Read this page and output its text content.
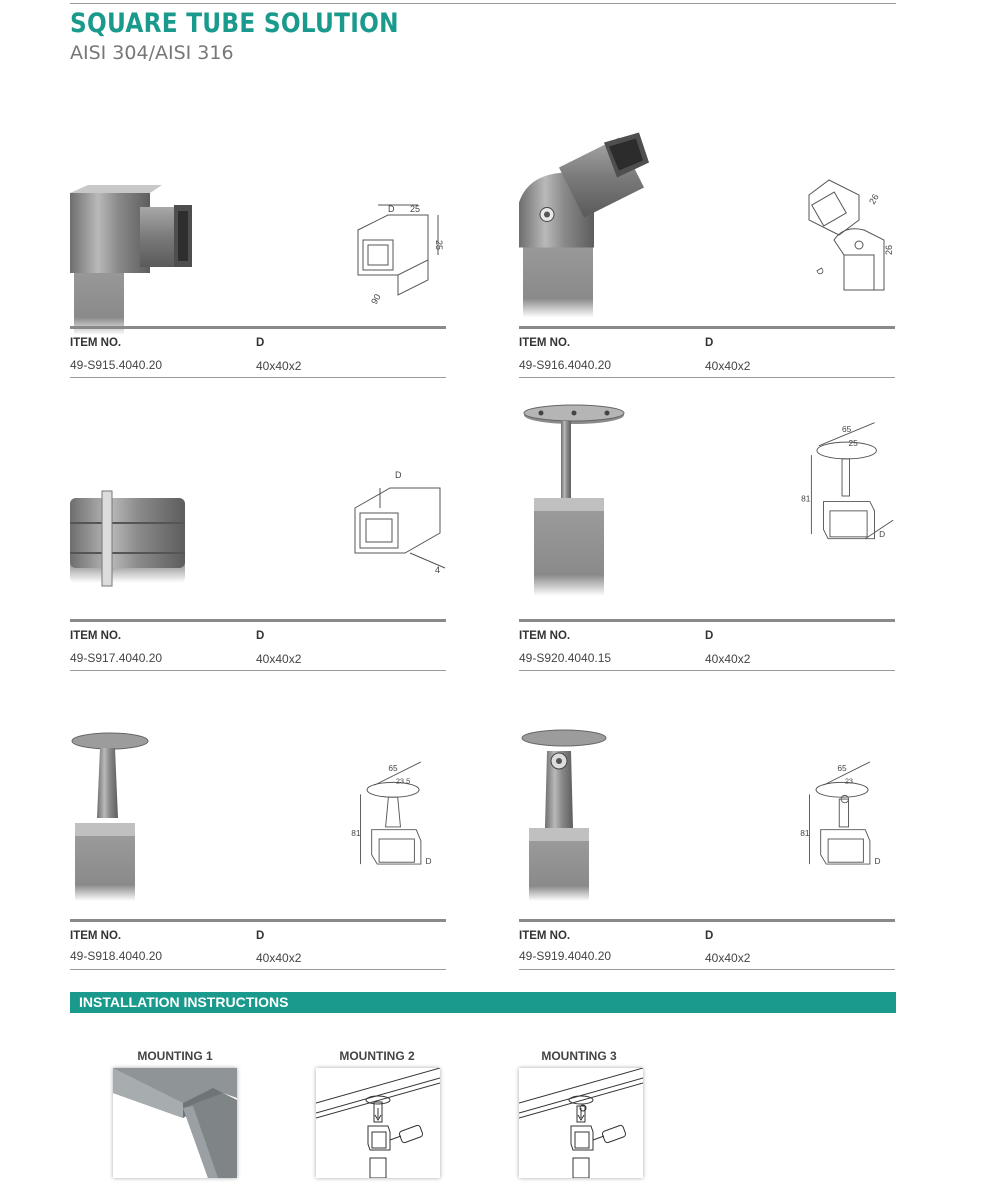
SQUARE TUBE SOLUTION
AISI 304/AISI 316
D 25
25
90
ITEM NO.	D
49-S915.4040.20	40x40x2
26
26
D
ITEM NO.	D
49-S916.4040.20	40x40x2
D
4
ITEM NO.	D
49-S917.4040.20	40x40x2
65
25
81
D
ITEM NO.	D
49-S920.4040.15	40x40x2
65
23.5
81
D
ITEM NO.	D
49-S918.4040.20	40x40x2
65
23
81
D
ITEM NO.	D
49-S919.4040.20	40x40x2
INSTALLATION INSTRUCTIONS
MOUNTING 1	MOUNTING 2	MOUNTING 3
